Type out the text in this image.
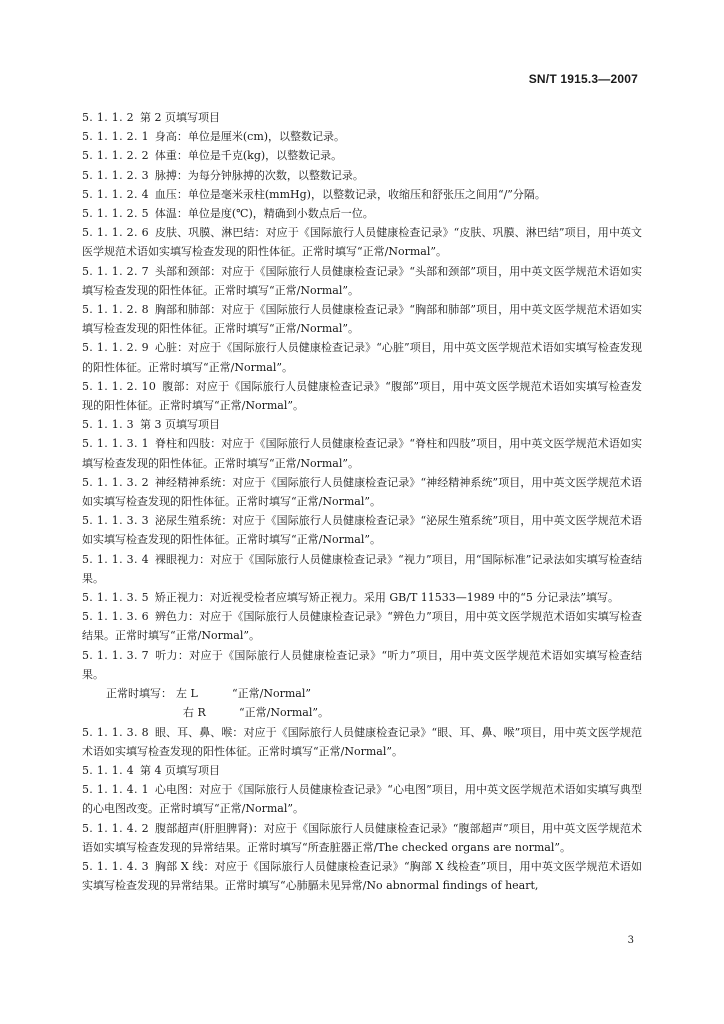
SN/T 1915.3—2007

5. 1. 1. 2 第 2 页填写项目

5. 1. 1. 2. 1 身高：单位是厘米(cm)，以整数记录。

5. 1. 1. 2. 2 体重：单位是千克(kg)，以整数记录。

5. 1. 1. 2. 3 脉搏：为每分钟脉搏的次数，以整数记录。

5. 1. 1. 2. 4 血压：单位是毫米汞柱(mmHg)，以整数记录，收缩压和舒张压之间用“/”分隔。

5. 1. 1. 2. 5 体温：单位是度(℃)，精确到小数点后一位。

5. 1. 1. 2. 6 皮肤、巩膜、淋巴结：对应于《国际旅行人员健康检查记录》“皮肤、巩膜、淋巴结”项目，用中英文医学规范术语如实填写检查发现的阳性体征。正常时填写“正常/Normal”。

5. 1. 1. 2. 7 头部和颈部：对应于《国际旅行人员健康检查记录》“头部和颈部”项目，用中英文医学规范术语如实填写检查发现的阳性体征。正常时填写“正常/Normal”。

5. 1. 1. 2. 8 胸部和肺部：对应于《国际旅行人员健康检查记录》“胸部和肺部”项目，用中英文医学规范术语如实填写检查发现的阳性体征。正常时填写“正常/Normal”。

5. 1. 1. 2. 9 心脏：对应于《国际旅行人员健康检查记录》“心脏”项目，用中英文医学规范术语如实填写检查发现的阳性体征。正常时填写“正常/Normal”。

5. 1. 1. 2. 10 腹部：对应于《国际旅行人员健康检查记录》“腹部”项目，用中英文医学规范术语如实填写检查发现的阳性体征。正常时填写“正常/Normal”。

5. 1. 1. 3 第 3 页填写项目

5. 1. 1. 3. 1 脊柱和四肢：对应于《国际旅行人员健康检查记录》“脊柱和四肢”项目，用中英文医学规范术语如实填写检查发现的阳性体征。正常时填写“正常/Normal”。

5. 1. 1. 3. 2 神经精神系统：对应于《国际旅行人员健康检查记录》“神经精神系统”项目，用中英文医学规范术语如实填写检查发现的阳性体征。正常时填写“正常/Normal”。

5. 1. 1. 3. 3 泌尿生殖系统：对应于《国际旅行人员健康检查记录》“泌尿生殖系统”项目，用中英文医学规范术语如实填写检查发现的阳性体征。正常时填写“正常/Normal”。

5. 1. 1. 3. 4 裸眼视力：对应于《国际旅行人员健康检查记录》“视力”项目，用“国际标准”记录法如实填写检查结果。

5. 1. 1. 3. 5 矫正视力：对近视受检者应填写矫正视力。采用 GB/T 11533—1989 中的“5 分记录法”填写。

5. 1. 1. 3. 6 辨色力：对应于《国际旅行人员健康检查记录》“辨色力”项目，用中英文医学规范术语如实填写检查结果。正常时填写“正常/Normal”。

5. 1. 1. 3. 7 听力：对应于《国际旅行人员健康检查记录》“听力”项目，用中英文医学规范术语如实填写检查结果。

正常时填写： 左 L	“正常/Normal”

右 R	“正常/Normal”。

5. 1. 1. 3. 8 眼、耳、鼻、喉：对应于《国际旅行人员健康检查记录》“眼、耳、鼻、喉”项目，用中英文医学规范术语如实填写检查发现的阳性体征。正常时填写“正常/Normal”。

5. 1. 1. 4 第 4 页填写项目

5. 1. 1. 4. 1 心电图：对应于《国际旅行人员健康检查记录》“心电图”项目，用中英文医学规范术语如实填写典型的心电图改变。正常时填写“正常/Normal”。

5. 1. 1. 4. 2 腹部超声(肝胆脾肾)：对应于《国际旅行人员健康检查记录》“腹部超声”项目，用中英文医学规范术语如实填写检查发现的异常结果。正常时填写“所查脏器正常/The checked organs are normal”。

5. 1. 1. 4. 3 胸部 X 线：对应于《国际旅行人员健康检查记录》“胸部 X 线检查”项目，用中英文医学规范术语如实填写检查发现的异常结果。正常时填写“心肺膈未见异常/No abnormal findings of heart,

3
